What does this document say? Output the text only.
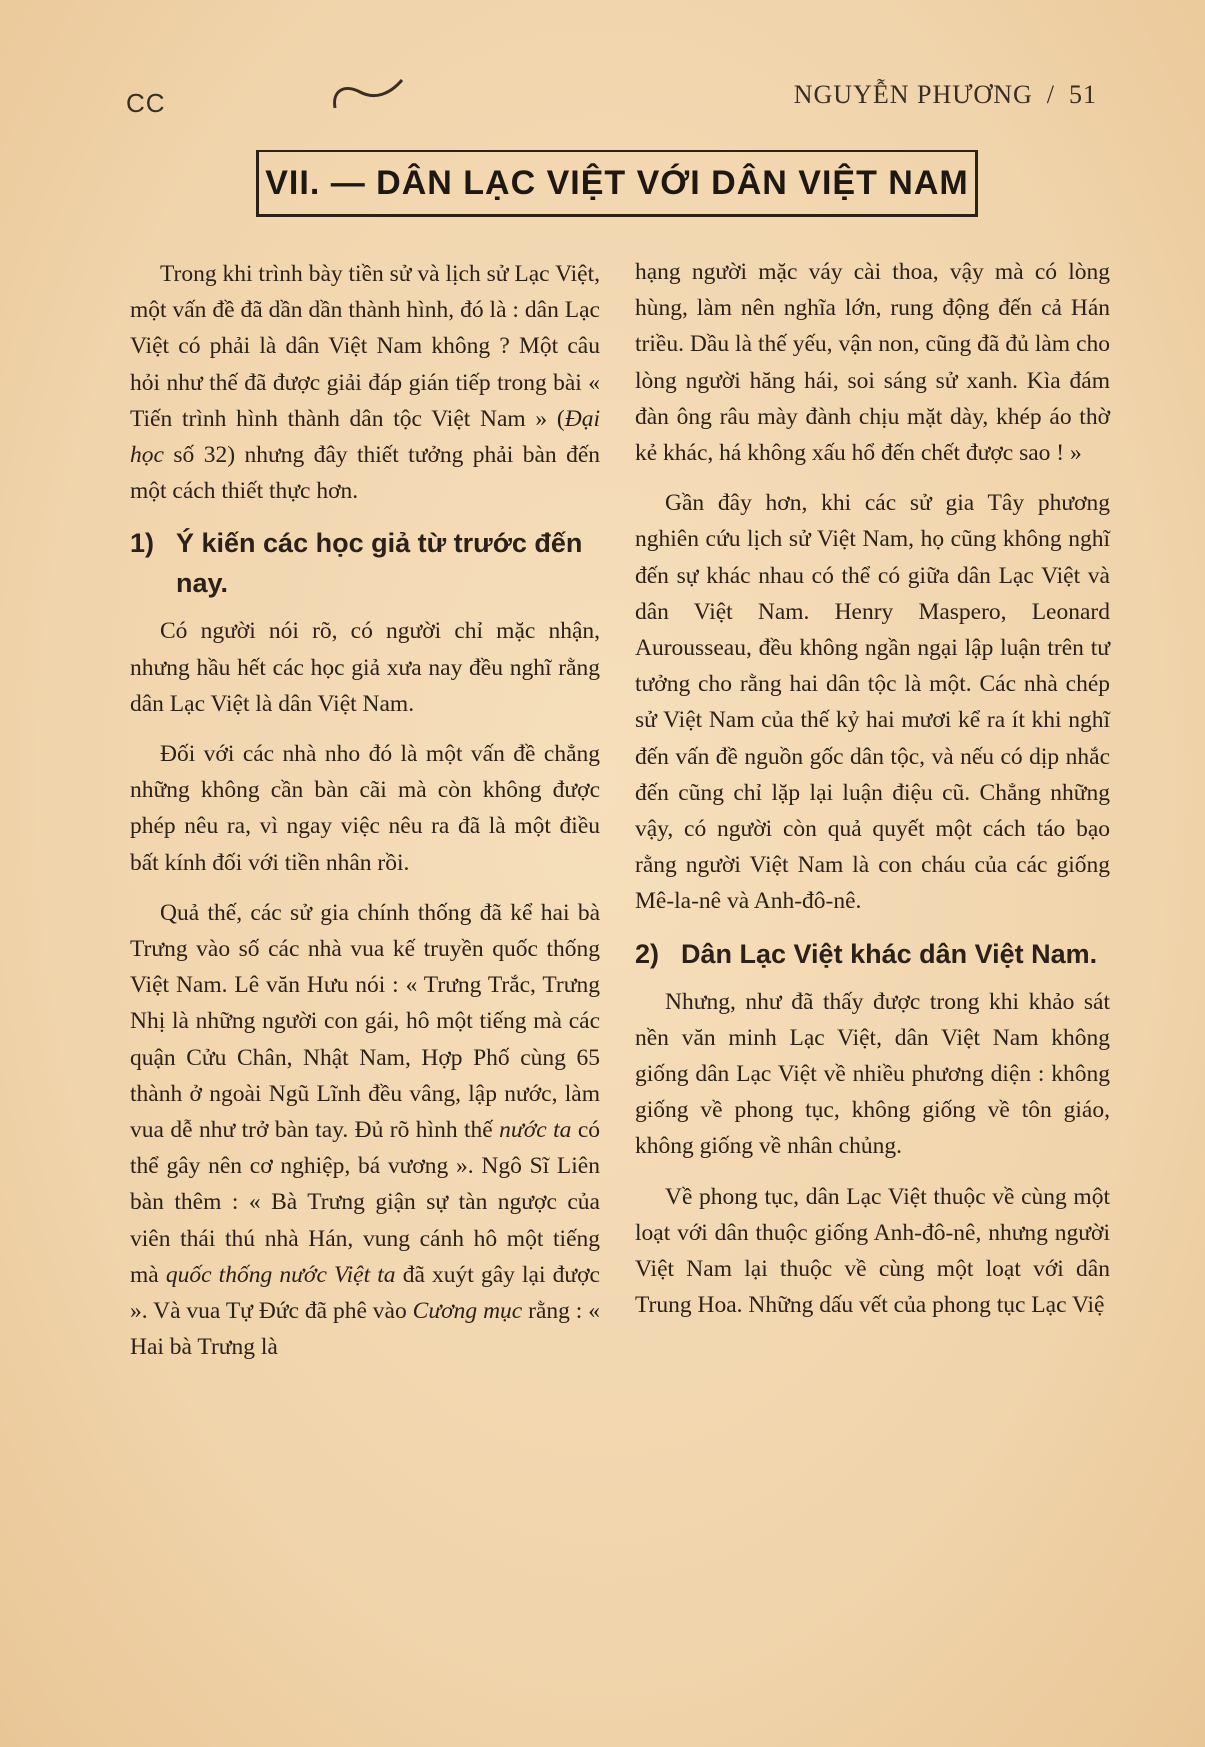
CC	NGUYỄN PHƯƠNG / 51
VII. — DÂN LẠC VIỆT VỚI DÂN VIỆT NAM

Trong khi trình bày tiền sử và lịch sử Lạc Việt, một vấn đề đã dần dần thành hình, đó là : dân Lạc Việt có phải là dân Việt Nam không ? Một câu hỏi như thế đã được giải đáp gián tiếp trong bài « Tiến trình hình thành dân tộc Việt Nam » (Đại học số 32) nhưng đây thiết tưởng phải bàn đến một cách thiết thực hơn.

1) Ý kiến các học giả từ trước đến nay.

Có người nói rõ, có người chỉ mặc nhận, nhưng hầu hết các học giả xưa nay đều nghĩ rằng dân Lạc Việt là dân Việt Nam.

Đối với các nhà nho đó là một vấn đề chẳng những không cần bàn cãi mà còn không được phép nêu ra, vì ngay việc nêu ra đã là một điều bất kính đối với tiền nhân rồi.

Quả thế, các sử gia chính thống đã kể hai bà Trưng vào số các nhà vua kế truyền quốc thống Việt Nam. Lê văn Hưu nói : « Trưng Trắc, Trưng Nhị là những người con gái, hô một tiếng mà các quận Cửu Chân, Nhật Nam, Hợp Phố cùng 65 thành ở ngoài Ngũ Lĩnh đều vâng, lập nước, làm vua dễ như trở bàn tay. Đủ rõ hình thế nước ta có thể gây nên cơ nghiệp, bá vương ». Ngô Sĩ Liên bàn thêm : « Bà Trưng giận sự tàn ngược của viên thái thú nhà Hán, vung cánh hô một tiếng mà quốc thống nước Việt ta đã xuýt gây lại được ». Và vua Tự Đức đã phê vào Cương mục rằng : « Hai bà Trưng là

hạng người mặc váy cài thoa, vậy mà có lòng hùng, làm nên nghĩa lớn, rung động đến cả Hán triều. Dầu là thế yếu, vận non, cũng đã đủ làm cho lòng người hăng hái, soi sáng sử xanh. Kìa đám đàn ông râu mày đành chịu mặt dày, khép áo thờ kẻ khác, há không xấu hổ đến chết được sao ! »

Gần đây hơn, khi các sử gia Tây phương nghiên cứu lịch sử Việt Nam, họ cũng không nghĩ đến sự khác nhau có thể có giữa dân Lạc Việt và dân Việt Nam. Henry Maspero, Leonard Aurousseau, đều không ngần ngại lập luận trên tư tưởng cho rằng hai dân tộc là một. Các nhà chép sử Việt Nam của thế kỷ hai mươi kể ra ít khi nghĩ đến vấn đề nguồn gốc dân tộc, và nếu có dịp nhắc đến cũng chỉ lặp lại luận điệu cũ. Chẳng những vậy, có người còn quả quyết một cách táo bạo rằng người Việt Nam là con cháu của các giống Mê-la-nê và Anh-đô-nê.

2) Dân Lạc Việt khác dân Việt Nam.

Nhưng, như đã thấy được trong khi khảo sát nền văn minh Lạc Việt, dân Việt Nam không giống dân Lạc Việt về nhiều phương diện : không giống về phong tục, không giống về tôn giáo, không giống về nhân chủng.

Về phong tục, dân Lạc Việt thuộc về cùng một loạt với dân thuộc giống Anh-đô-nê, nhưng người Việt Nam lại thuộc về cùng một loạt với dân Trung Hoa. Những dấu vết của phong tục Lạc Việ
